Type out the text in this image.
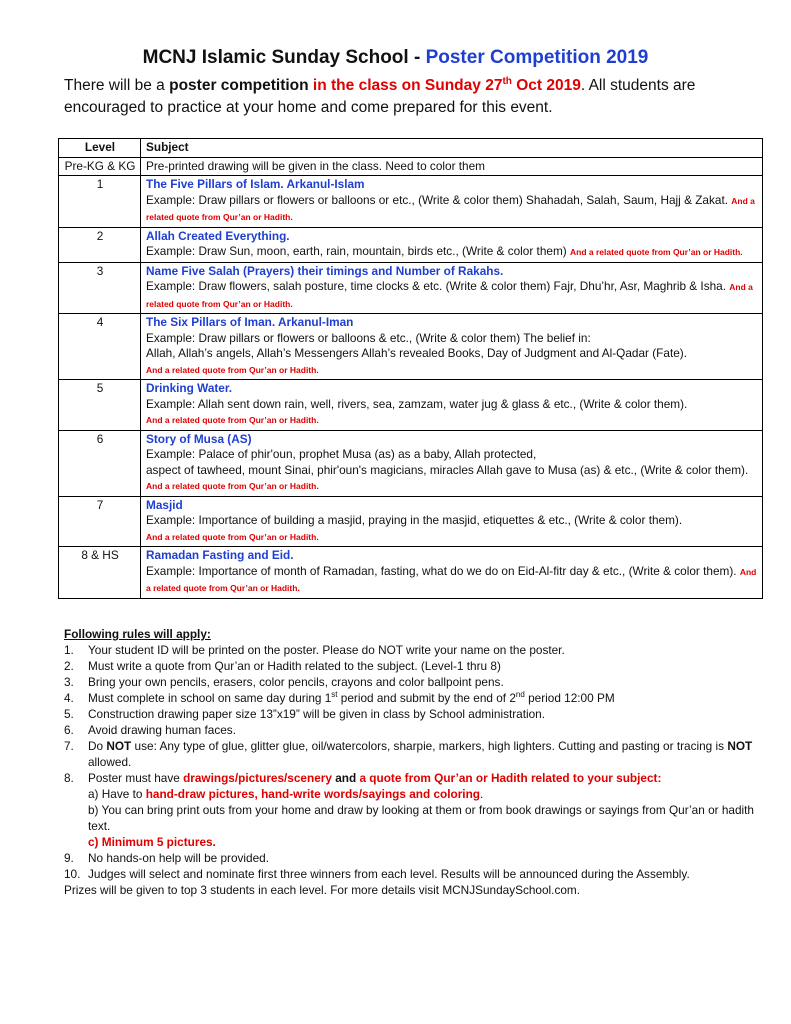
MCNJ Islamic Sunday School - Poster Competition 2019
There will be a poster competition in the class on Sunday 27th Oct 2019. All students are encouraged to practice at your home and come prepared for this event.
Level	Subject
Pre-KG & KG	Pre-printed drawing will be given in the class. Need to color them
1	The Five Pillars of Islam. Arkanul-Islam
Example: Draw pillars or flowers or balloons or etc., (Write & color them) Shahadah, Salah, Saum, Hajj & Zakat. And a related quote from Qur’an or Hadith.
2	Allah Created Everything.
Example: Draw Sun, moon, earth, rain, mountain, birds etc., (Write & color them) And a related quote from Qur’an or Hadith.
3	Name Five Salah (Prayers) their timings and Number of Rakahs.
Example: Draw flowers, salah posture, time clocks & etc. (Write & color them) Fajr, Dhu’hr, Asr, Maghrib & Isha. And a related quote from Qur’an or Hadith.
4	The Six Pillars of Iman. Arkanul-Iman
Example: Draw pillars or flowers or balloons & etc., (Write & color them) The belief in:
Allah, Allah’s angels, Allah’s Messengers Allah’s revealed Books, Day of Judgment and Al-Qadar (Fate).
And a related quote from Qur’an or Hadith.
5	Drinking Water.
Example: Allah sent down rain, well, rivers, sea, zamzam, water jug & glass & etc., (Write & color them).
And a related quote from Qur’an or Hadith.
6	Story of Musa (AS)
Example: Palace of phir'oun, prophet Musa (as) as a baby, Allah protected,
aspect of tawheed, mount Sinai, phir'oun's magicians, miracles Allah gave to Musa (as) & etc., (Write & color them). And a related quote from Qur’an or Hadith.
7	Masjid
Example: Importance of building a masjid, praying in the masjid, etiquettes & etc., (Write & color them).
And a related quote from Qur’an or Hadith.
8 & HS	Ramadan Fasting and Eid.
Example: Importance of month of Ramadan, fasting, what do we do on Eid-Al-fitr day & etc., (Write & color them). And a related quote from Qur’an or Hadith.
Following rules will apply:
1.	Your student ID will be printed on the poster. Please do NOT write your name on the poster.
2.	Must write a quote from Qur’an or Hadith related to the subject. (Level-1 thru 8)
3.	Bring your own pencils, erasers, color pencils, crayons and color ballpoint pens.
4.	Must complete in school on same day during 1st period and submit by the end of 2nd period 12:00 PM
5.	Construction drawing paper size 13”x19” will be given in class by School administration.
6.	Avoid drawing human faces.
7.	Do NOT use: Any type of glue, glitter glue, oil/watercolors, sharpie, markers, high lighters. Cutting and pasting or tracing is NOT allowed.
8.	Poster must have drawings/pictures/scenery and a quote from Qur’an or Hadith related to your subject:
a) Have to hand-draw pictures, hand-write words/sayings and coloring.
b) You can bring print outs from your home and draw by looking at them or from book drawings or sayings from Qur’an or hadith text.
c) Minimum 5 pictures.
9.	No hands-on help will be provided.
10. Judges will select and nominate first three winners from each level. Results will be announced during the Assembly.
Prizes will be given to top 3 students in each level. For more details visit MCNJSundaySchool.com.
